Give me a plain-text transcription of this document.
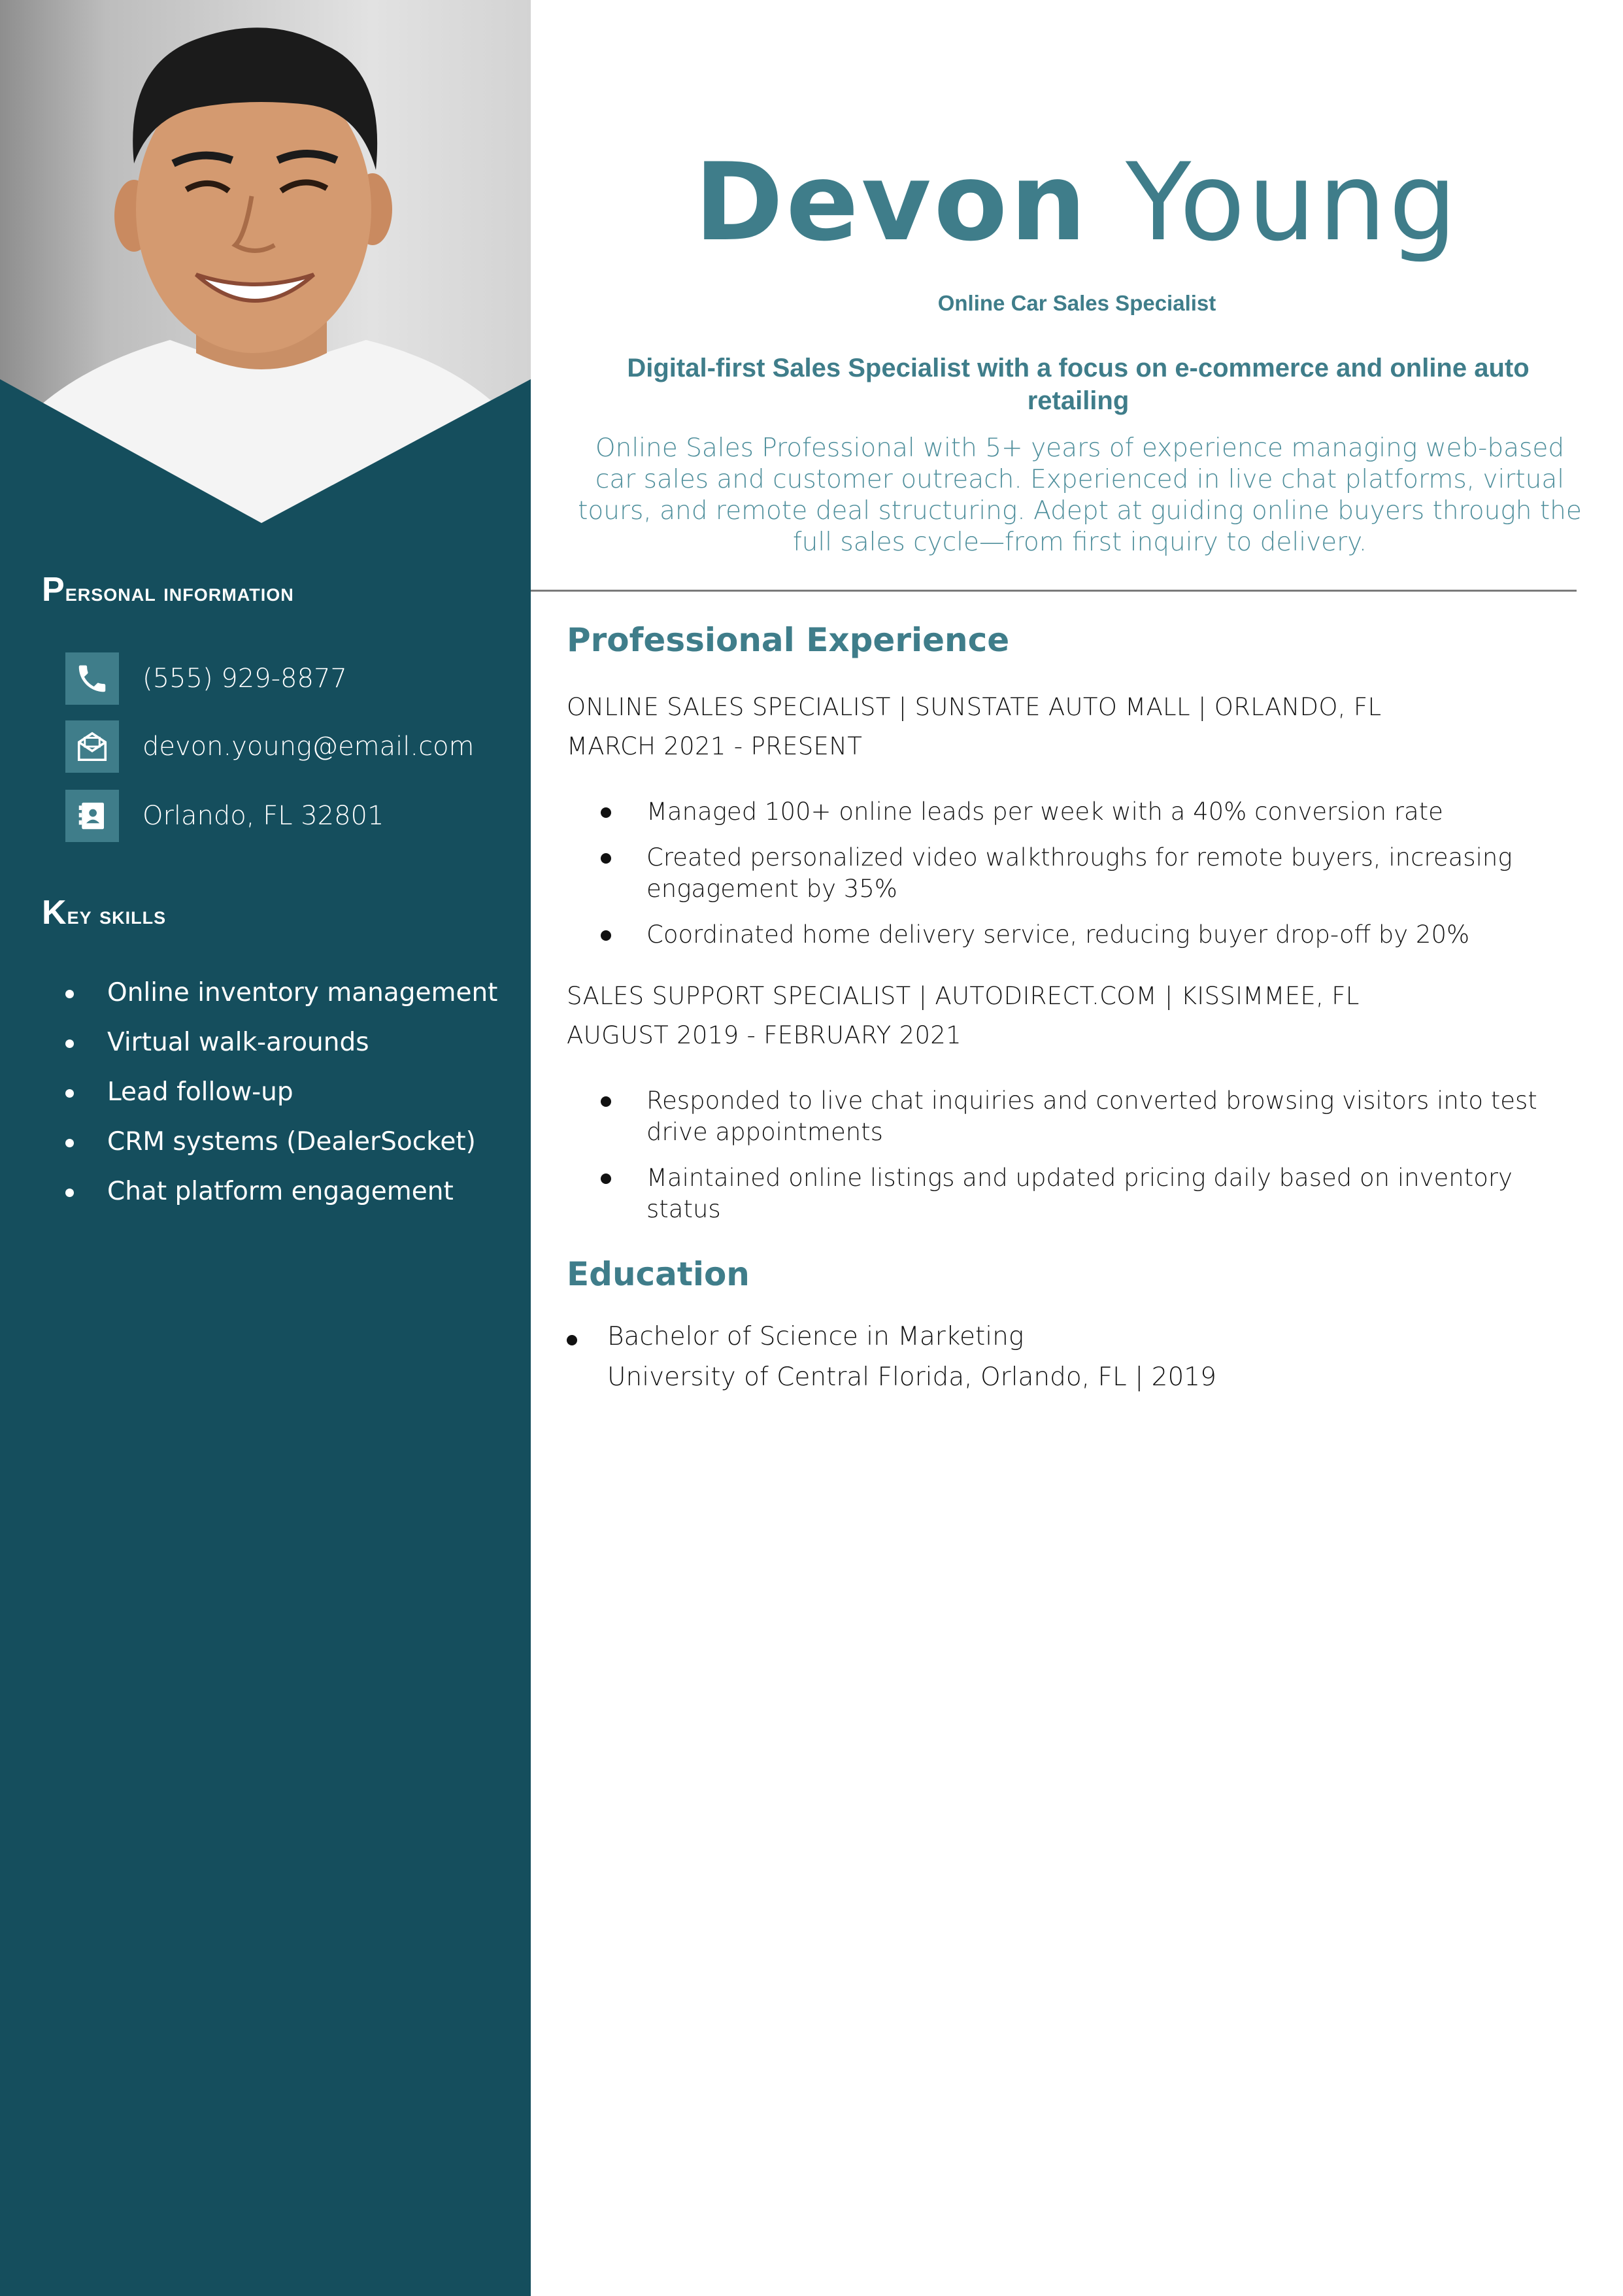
Personal information
(555) 929-8877
devon.young@email.com
Orlando, FL 32801
Key skills
Online inventory management
Virtual walk-arounds
Lead follow-up
CRM systems (DealerSocket)
Chat platform engagement
Devon Young
Online Car Sales Specialist
Digital-first Sales Specialist with a focus on e-commerce and online auto retailing
Online Sales Professional with 5+ years of experience managing web-based car sales and customer outreach. Experienced in live chat platforms, virtual tours, and remote deal structuring. Adept at guiding online buyers through the full sales cycle—from first inquiry to delivery.
Professional Experience
ONLINE SALES SPECIALIST | SUNSTATE AUTO MALL | ORLANDO, FL
MARCH 2021 - PRESENT
Managed 100+ online leads per week with a 40% conversion rate
Created personalized video walkthroughs for remote buyers, increasing engagement by 35%
Coordinated home delivery service, reducing buyer drop-off by 20%
SALES SUPPORT SPECIALIST | AUTODIRECT.COM | KISSIMMEE, FL
AUGUST 2019 - FEBRUARY 2021
Responded to live chat inquiries and converted browsing visitors into test drive appointments
Maintained online listings and updated pricing daily based on inventory status
Education
Bachelor of Science in Marketing
University of Central Florida, Orlando, FL | 2019
